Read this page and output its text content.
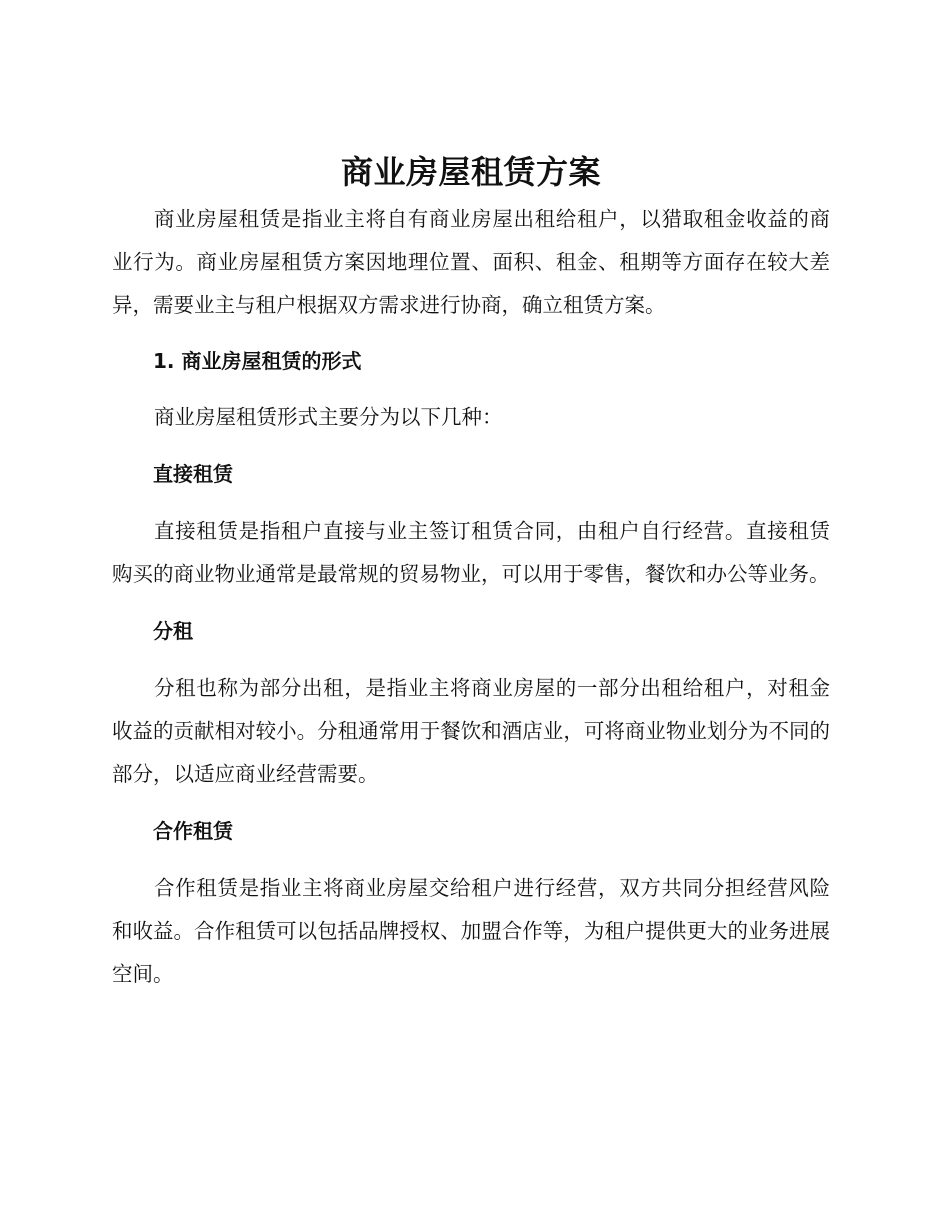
商业房屋租赁方案

商业房屋租赁是指业主将自有商业房屋出租给租户，以猎取租金收益的商业行为。商业房屋租赁方案因地理位置、面积、租金、租期等方面存在较大差异，需要业主与租户根据双方需求进行协商，确立租赁方案。

1. 商业房屋租赁的形式

商业房屋租赁形式主要分为以下几种：

直接租赁

直接租赁是指租户直接与业主签订租赁合同，由租户自行经营。直接租赁购买的商业物业通常是最常规的贸易物业，可以用于零售，餐饮和办公等业务。

分租

分租也称为部分出租，是指业主将商业房屋的一部分出租给租户，对租金收益的贡献相对较小。分租通常用于餐饮和酒店业，可将商业物业划分为不同的部分，以适应商业经营需要。

合作租赁

合作租赁是指业主将商业房屋交给租户进行经营，双方共同分担经营风险和收益。合作租赁可以包括品牌授权、加盟合作等，为租户提供更大的业务进展空间。
